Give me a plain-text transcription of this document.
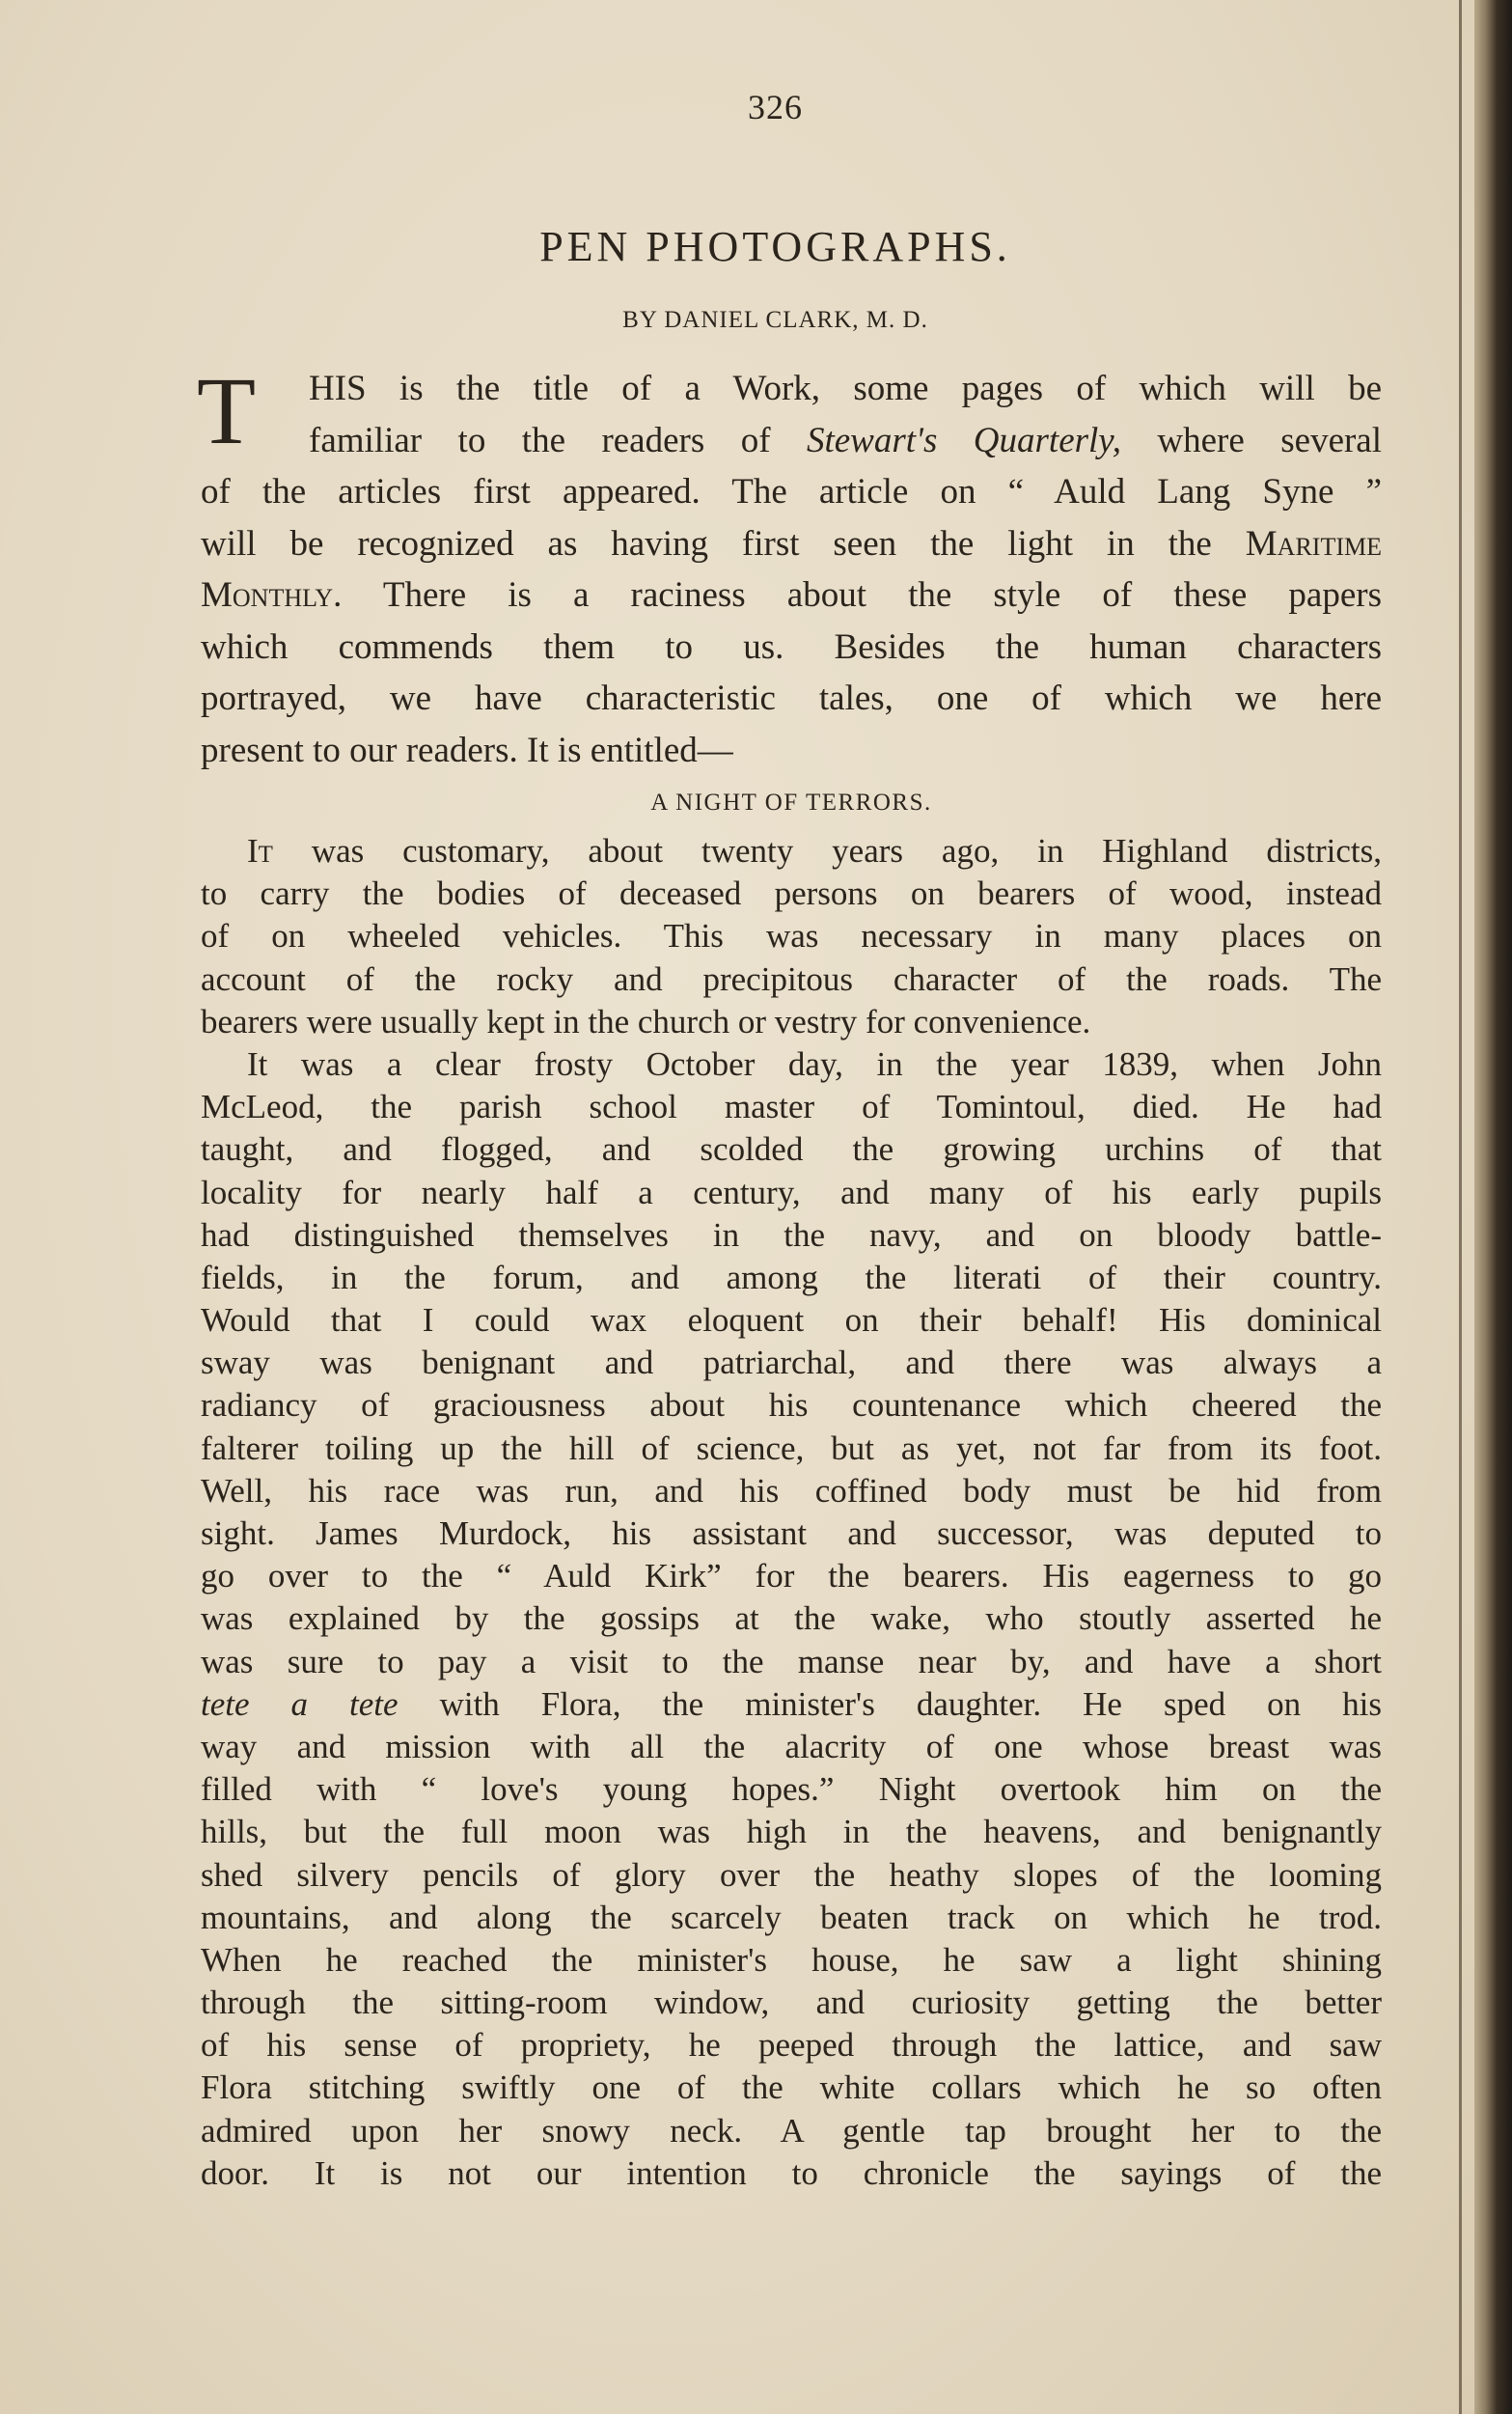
326
PEN PHOTOGRAPHS.
BY DANIEL CLARK, M. D.
T	HIS is the title of a Work, some pages of which will be
familiar to the readers of Stewart's Quarterly, where several
of the articles first appeared. The article on “ Auld Lang Syne ”
will be recognized as having first seen the light in the Maritime
Monthly. There is a raciness about the style of these papers
which commends them to us. Besides the human characters
portrayed, we have characteristic tales, one of which we here
present to our readers. It is entitled—
A NIGHT OF TERRORS.
It was customary, about twenty years ago, in Highland districts,
to carry the bodies of deceased persons on bearers of wood, instead
of on wheeled vehicles. This was necessary in many places on
account of the rocky and precipitous character of the roads. The
bearers were usually kept in the church or vestry for convenience.
It was a clear frosty October day, in the year 1839, when John
McLeod, the parish school master of Tomintoul, died. He had
taught, and flogged, and scolded the growing urchins of that
locality for nearly half a century, and many of his early pupils
had distinguished themselves in the navy, and on bloody battle-
fields, in the forum, and among the literati of their country.
Would that I could wax eloquent on their behalf! His dominical
sway was benignant and patriarchal, and there was always a
radiancy of graciousness about his countenance which cheered the
falterer toiling up the hill of science, but as yet, not far from its foot.
Well, his race was run, and his coffined body must be hid from
sight. James Murdock, his assistant and successor, was deputed to
go over to the “ Auld Kirk” for the bearers. His eagerness to go
was explained by the gossips at the wake, who stoutly asserted he
was sure to pay a visit to the manse near by, and have a short
tete a tete with Flora, the minister's daughter. He sped on his
way and mission with all the alacrity of one whose breast was
filled with “ love's young hopes.” Night overtook him on the
hills, but the full moon was high in the heavens, and benignantly
shed silvery pencils of glory over the heathy slopes of the looming
mountains, and along the scarcely beaten track on which he trod.
When he reached the minister's house, he saw a light shining
through the sitting-room window, and curiosity getting the better
of his sense of propriety, he peeped through the lattice, and saw
Flora stitching swiftly one of the white collars which he so often
admired upon her snowy neck. A gentle tap brought her to the
door. It is not our intention to chronicle the sayings of the
